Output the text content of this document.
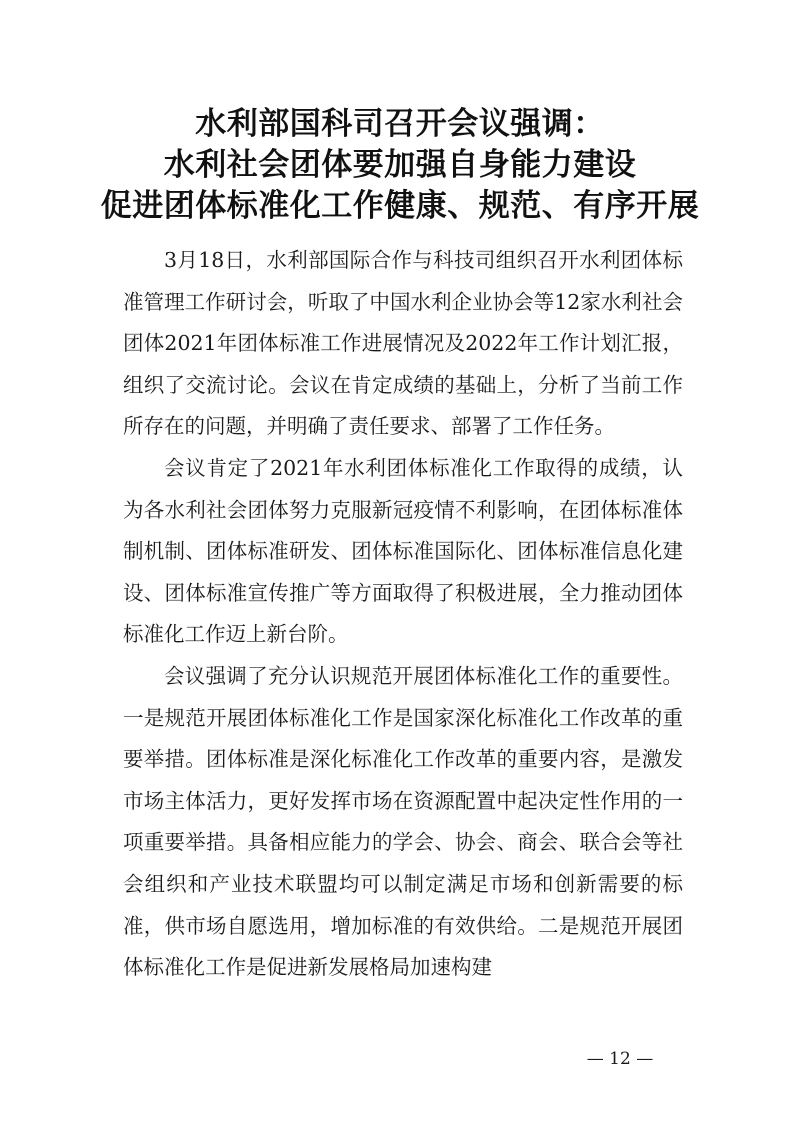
水利部国科司召开会议强调：
水利社会团体要加强自身能力建设
促进团体标准化工作健康、规范、有序开展

3月18日，水利部国际合作与科技司组织召开水利团体标准管理工作研讨会，听取了中国水利企业协会等12家水利社会团体2021年团体标准工作进展情况及2022年工作计划汇报，组织了交流讨论。会议在肯定成绩的基础上，分析了当前工作所存在的问题，并明确了责任要求、部署了工作任务。

会议肯定了2021年水利团体标准化工作取得的成绩，认为各水利社会团体努力克服新冠疫情不利影响，在团体标准体制机制、团体标准研发、团体标准国际化、团体标准信息化建设、团体标准宣传推广等方面取得了积极进展，全力推动团体标准化工作迈上新台阶。

会议强调了充分认识规范开展团体标准化工作的重要性。一是规范开展团体标准化工作是国家深化标准化工作改革的重要举措。团体标准是深化标准化工作改革的重要内容，是激发市场主体活力，更好发挥市场在资源配置中起决定性作用的一项重要举措。具备相应能力的学会、协会、商会、联合会等社会组织和产业技术联盟均可以制定满足市场和创新需要的标准，供市场自愿选用，增加标准的有效供给。二是规范开展团体标准化工作是促进新发展格局加速构建

— 12 —
